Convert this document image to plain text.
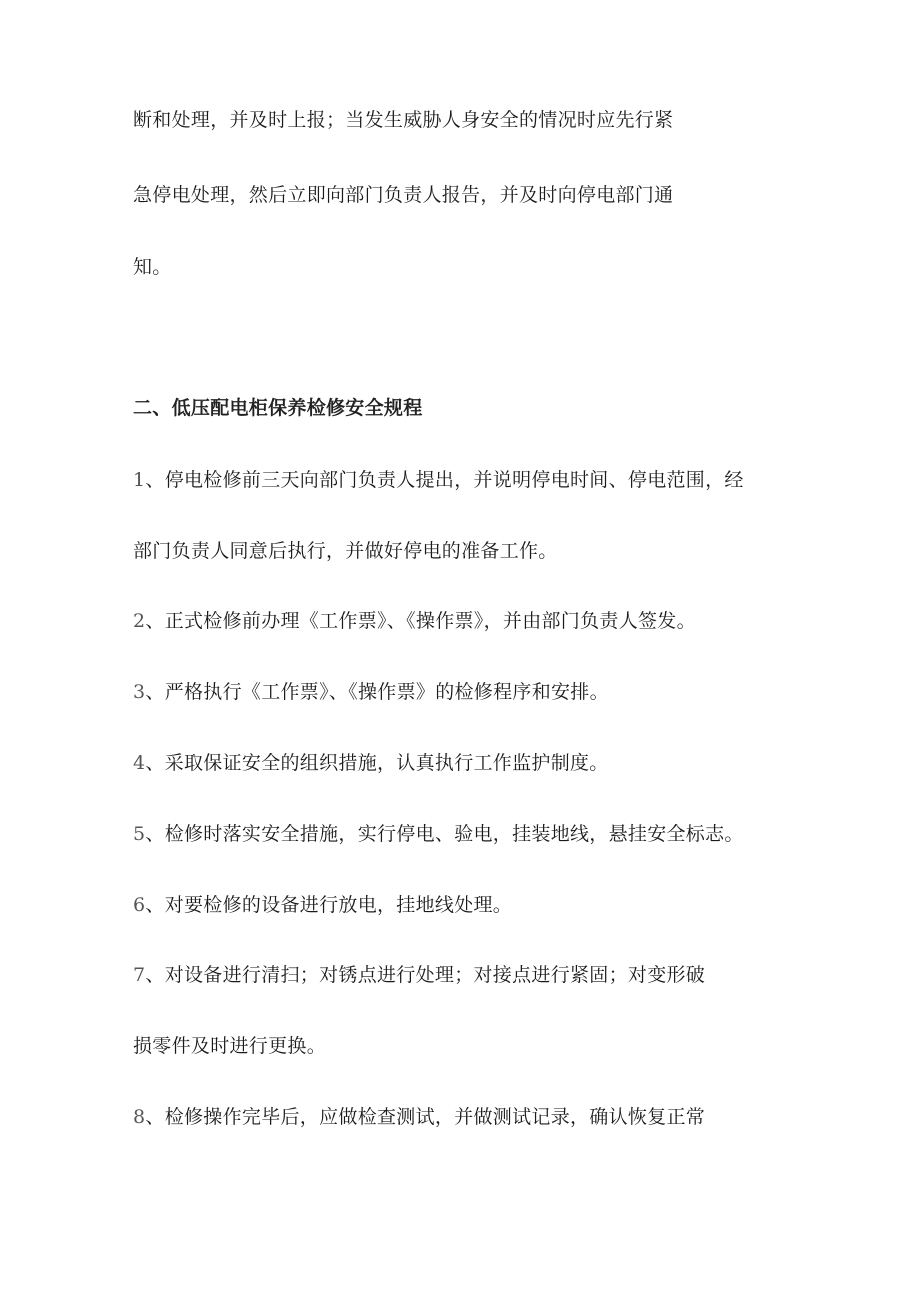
断和处理，并及时上报；当发生威胁人身安全的情况时应先行紧
急停电处理，然后立即向部门负责人报告，并及时向停电部门通
知。
二、低压配电柜保养检修安全规程
1、停电检修前三天向部门负责人提出，并说明停电时间、停电范围，经
部门负责人同意后执行，并做好停电的准备工作。
2、正式检修前办理《工作票》、《操作票》，并由部门负责人签发。
3、严格执行《工作票》、《操作票》的检修程序和安排。
4、采取保证安全的组织措施，认真执行工作监护制度。
5、检修时落实安全措施，实行停电、验电，挂装地线，悬挂安全标志。
6、对要检修的设备进行放电，挂地线处理。
7、对设备进行清扫；对锈点进行处理；对接点进行紧固；对变形破
损零件及时进行更换。
8、检修操作完毕后，应做检查测试，并做测试记录，确认恢复正常
